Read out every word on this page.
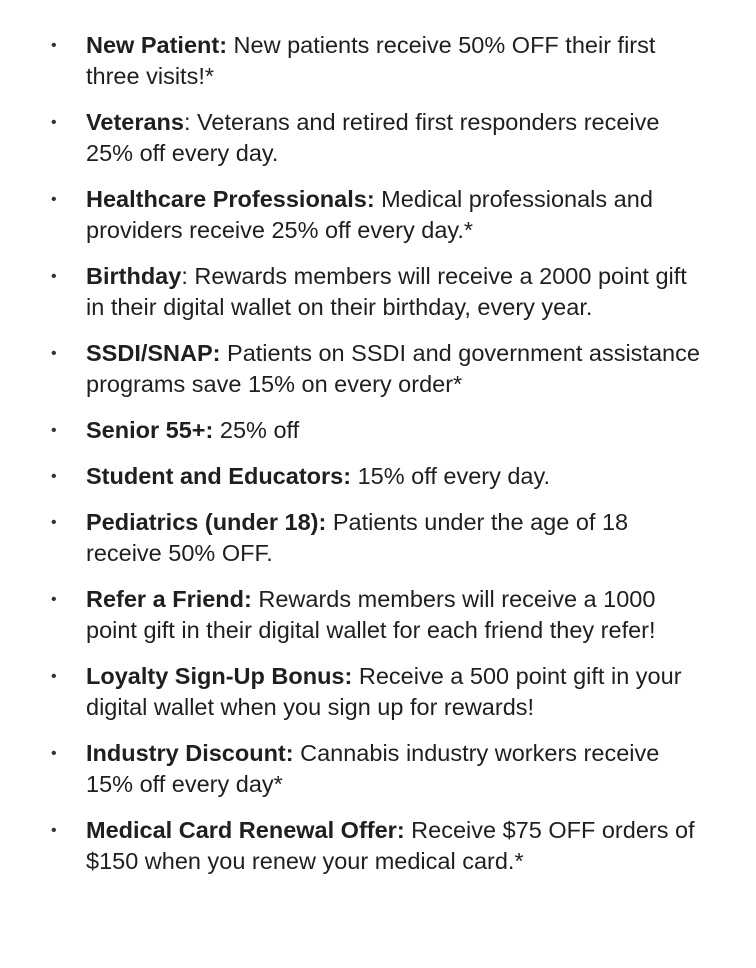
• New Patient: New patients receive 50% OFF their first three visits!*
• Veterans: Veterans and retired first responders receive 25% off every day.
• Healthcare Professionals: Medical professionals and providers receive 25% off every day.*
• Birthday: Rewards members will receive a 2000 point gift in their digital wallet on their birthday, every year.
• SSDI/SNAP: Patients on SSDI and government assistance programs save 15% on every order*
• Senior 55+: 25% off
• Student and Educators: 15% off every day.
• Pediatrics (under 18): Patients under the age of 18 receive 50% OFF.
• Refer a Friend: Rewards members will receive a 1000 point gift in their digital wallet for each friend they refer!
• Loyalty Sign-Up Bonus: Receive a 500 point gift in your digital wallet when you sign up for rewards!
• Industry Discount: Cannabis industry workers receive 15% off every day*
• Medical Card Renewal Offer: Receive $75 OFF orders of $150 when you renew your medical card.*
